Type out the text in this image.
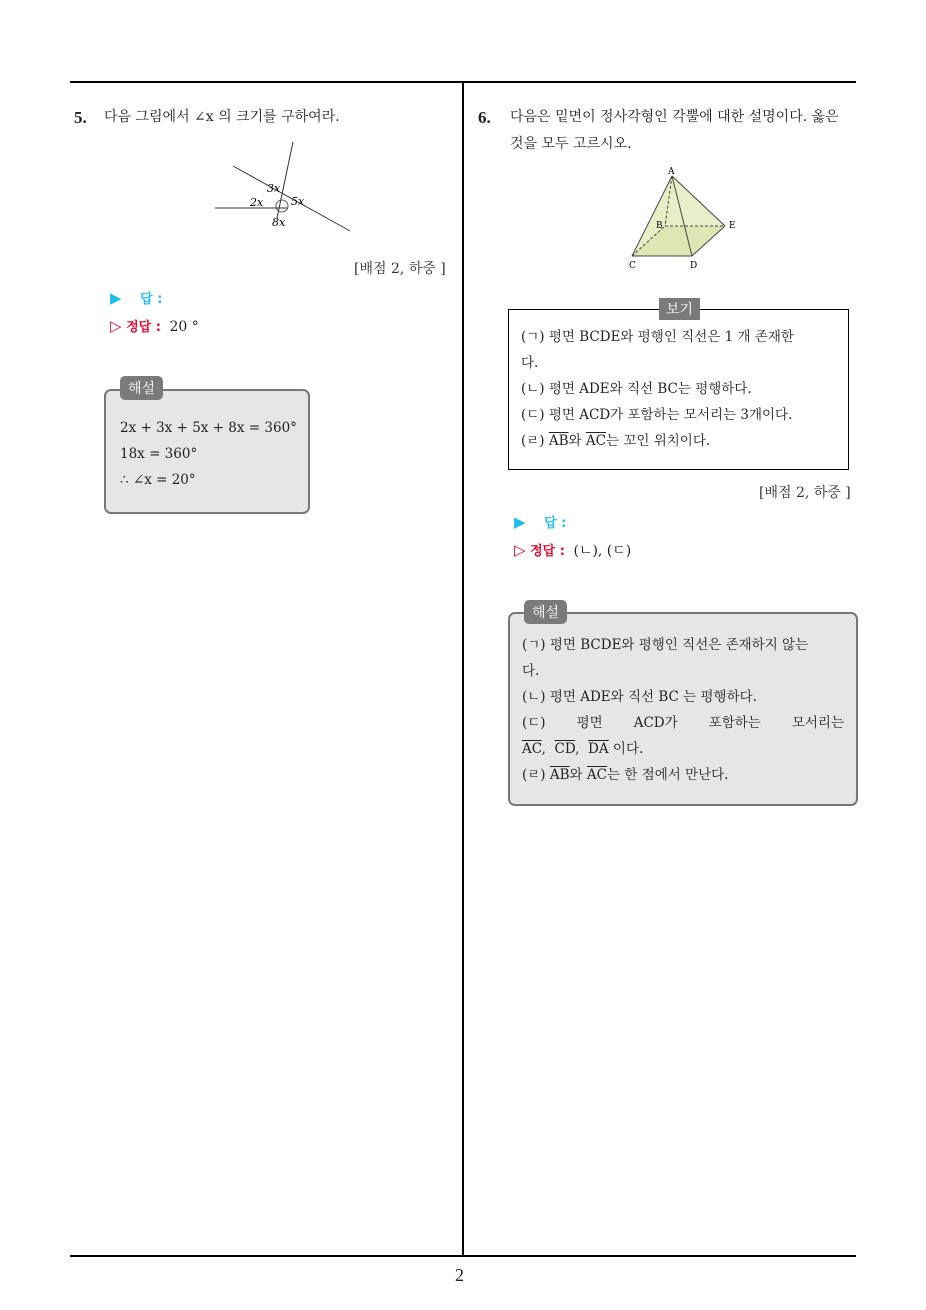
2
5. 다음 그림에서 ∠x 의 크기를 구하여라.
3x
2x	5x
8x
[배점 2, 하중 ]
▶ 답 :
▷ 정답 : 20 °
2x + 3x + 5x + 8x = 360°
18x = 360°
∴ ∠x = 20°
해설
6. 다음은 밑면이 정사각형인 각뿔에 대한 설명이다. 옳은
것을 모두 고르시오.
A
B
C	D
E
(ㄱ) 평면 BCDE와 평행인 직선은 1 개 존재한
다.
(ㄴ) 평면 ADE와 직선 BC는 평행하다.
(ㄷ) 평면 ACD가 포함하는 모서리는 3개이다.
(ㄹ) $\overline{AB}$와 $\overline{AC}$는 꼬인 위치이다.
보기
[배점 2, 하중 ]
▶ 답 :
▷ 정답 : (ㄴ), (ㄷ)
(ㄱ) 평면 BCDE와 평행인 직선은 존재하지 않는
다.
(ㄴ) 평면 ADE와 직선 BC 는 평행하다.
(ㄷ) 평면 ACD가 포함하는 모서리는
$\overline{AC}$,  $\overline{CD}$,  $\overline{DA}$ 이다.
(ㄹ) $\overline{AB}$와 $\overline{AC}$는 한 점에서 만난다.
해설
